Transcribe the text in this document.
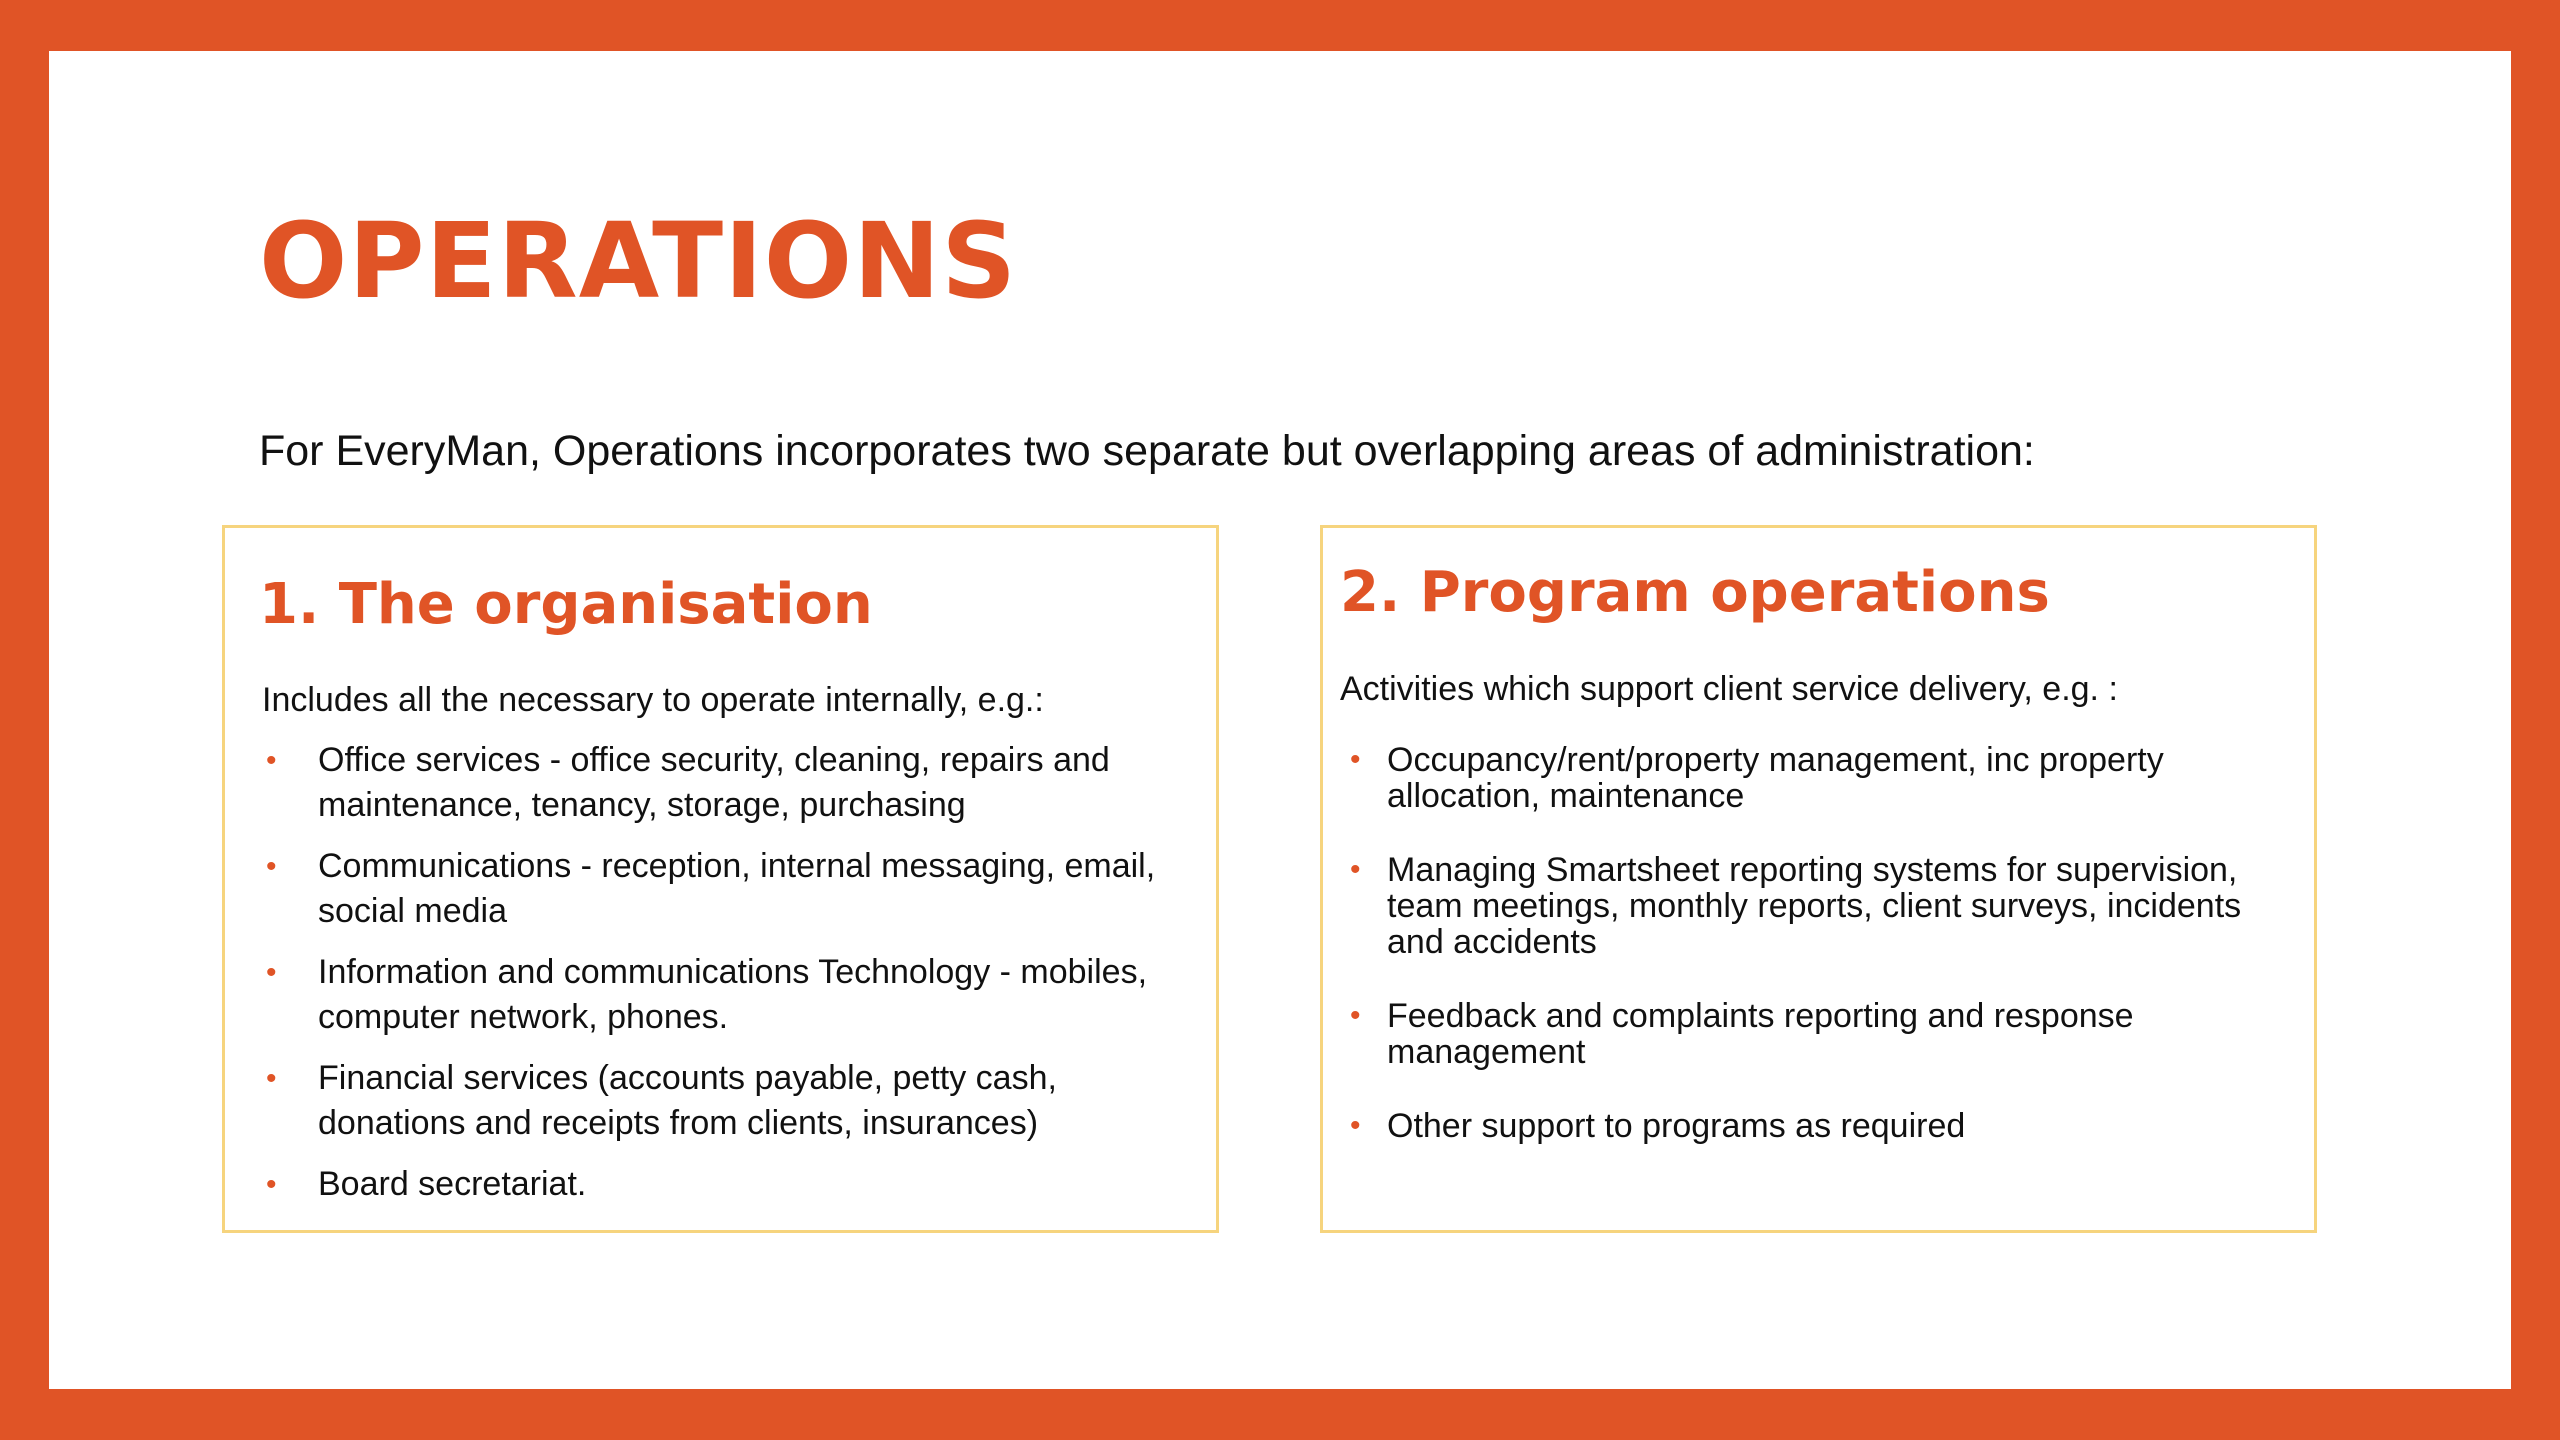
OPERATIONS

For EveryMan, Operations incorporates two separate but overlapping areas of administration:

1. The organisation

Includes all the necessary to operate internally, e.g.:

• Office services - office security, cleaning, repairs and maintenance, tenancy, storage, purchasing
• Communications - reception, internal messaging, email, social media
• Information and communications Technology - mobiles, computer network, phones.
• Financial services (accounts payable, petty cash, donations and receipts from clients, insurances)
• Board secretariat.
2. Program operations

Activities which support client service delivery, e.g. :

• Occupancy/rent/property management, inc property allocation, maintenance
• Managing Smartsheet reporting systems for supervision, team meetings, monthly reports, client surveys, incidents and accidents
• Feedback and complaints reporting and response management
• Other support to programs as required
